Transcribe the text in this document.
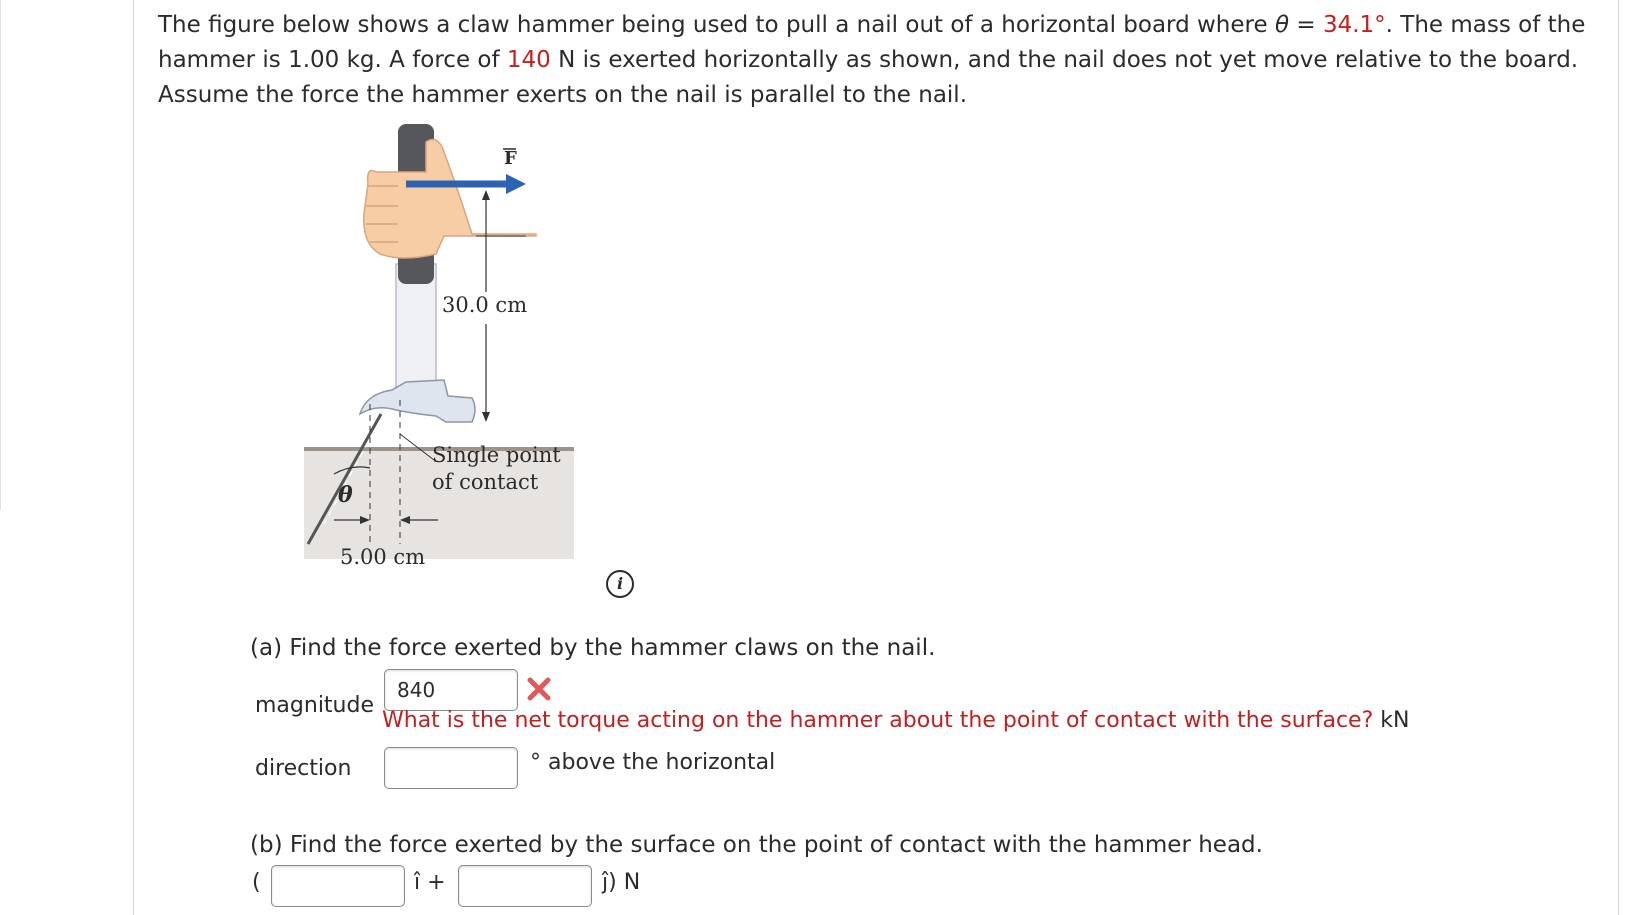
The figure below shows a claw hammer being used to pull a nail out of a horizontal board where θ = 34.1°. The mass of the hammer is 1.00 kg. A force of 140 N is exerted horizontally as shown, and the nail does not yet move relative to the board. Assume the force the hammer exerts on the nail is parallel to the nail.
F
30.0 cm
Single point
of contact
θ
5.00 cm
i
(a) Find the force exerted by the hammer claws on the nail.
magnitude
840
What is the net torque acting on the hammer about the point of contact with the surface? kN
direction	° above the horizontal
(b) Find the force exerted by the surface on the point of contact with the hammer head.
(	î +	ĵ) N
